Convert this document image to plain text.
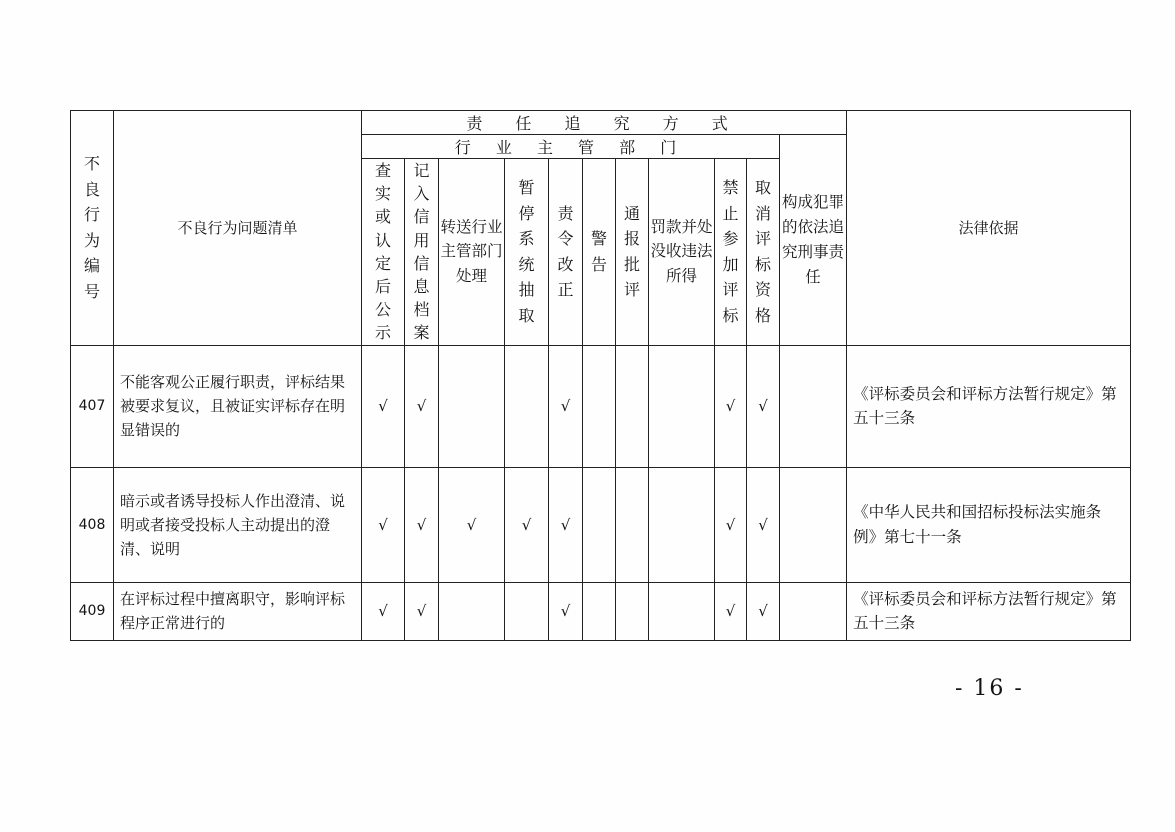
不良行为编号	不良行为问题清单	责 任 追 究 方 式											法律依据
		行 业 主 管 部 门										构成犯罪的依法追究刑事责任	
		查实或认定后公示	记入信用信息档案	转送行业主管部门处理	暂停系统抽取	责令改正	警告	通报批评	罚款并处没收违法所得	禁止参加评标	取消评标资格		
407	不能客观公正履行职责，评标结果被要求复议，且被证实评标存在明显错误的	√	√			√				√	√		《评标委员会和评标方法暂行规定》第五十三条
408	暗示或者诱导投标人作出澄清、说明或者接受投标人主动提出的澄清、说明	√	√	√	√	√				√	√		《中华人民共和国招标投标法实施条例》第七十一条
409	在评标过程中擅离职守，影响评标程序正常进行的	√	√			√				√	√		《评标委员会和评标方法暂行规定》第五十三条
- 16 -
